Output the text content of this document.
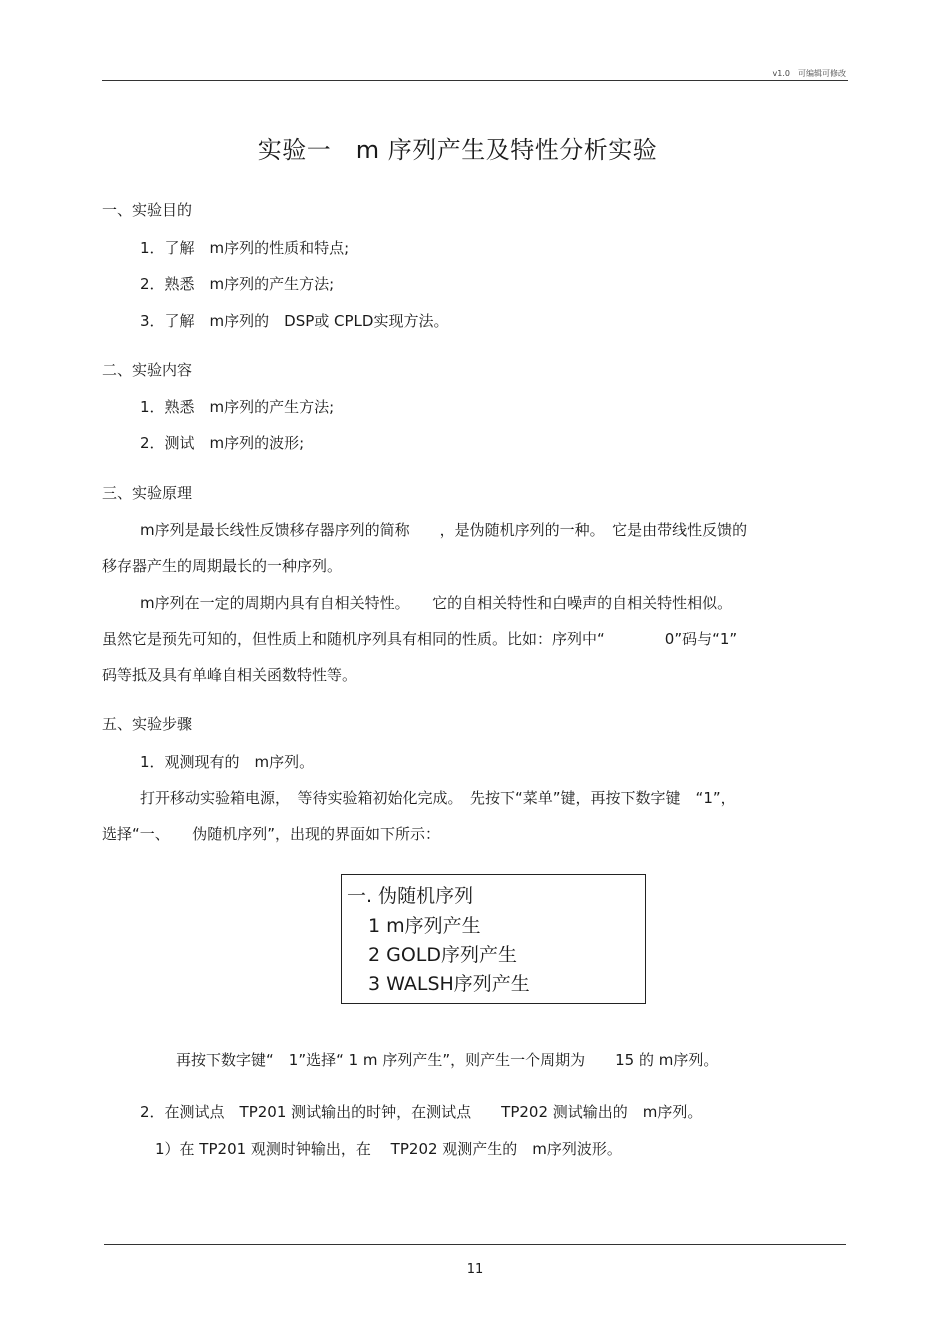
v1.0　可编辑可修改
实验一　m 序列产生及特性分析实验
一、实验目的
1．了解　m序列的性质和特点;
2．熟悉　m序列的产生方法;
3．了解　m序列的　DSP或 CPLD实现方法。
二、实验内容
1．熟悉　m序列的产生方法;
2．测试　m序列的波形;
三、实验原理
m序列是最长线性反馈移存器序列的简称　　，是伪随机序列的一种。　它是由带线性反馈的
移存器产生的周期最长的一种序列。
m序列在一定的周期内具有自相关特性。　　它的自相关特性和白噪声的自相关特性相似。
虽然它是预先可知的，但性质上和随机序列具有相同的性质。比如：序列中“　　　　0”码与“1”
码等抵及具有单峰自相关函数特性等。
五、实验步骤
1．观测现有的　m序列。
打开移动实验箱电源，　等待实验箱初始化完成。　先按下“菜单”键，再按下数字键　“1”，
选择“一、　　伪随机序列”，出现的界面如下所示：
一. 伪随机序列
1 m序列产生
2 GOLD序列产生
3 WALSH序列产生
再按下数字键“　1”选择“ 1 m 序列产生”，则产生一个周期为　　15 的 m序列。
2．在测试点　TP201 测试输出的时钟，在测试点　　TP202 测试输出的　m序列。
1）在 TP201 观测时钟输出，在　 TP202 观测产生的　m序列波形。
11
